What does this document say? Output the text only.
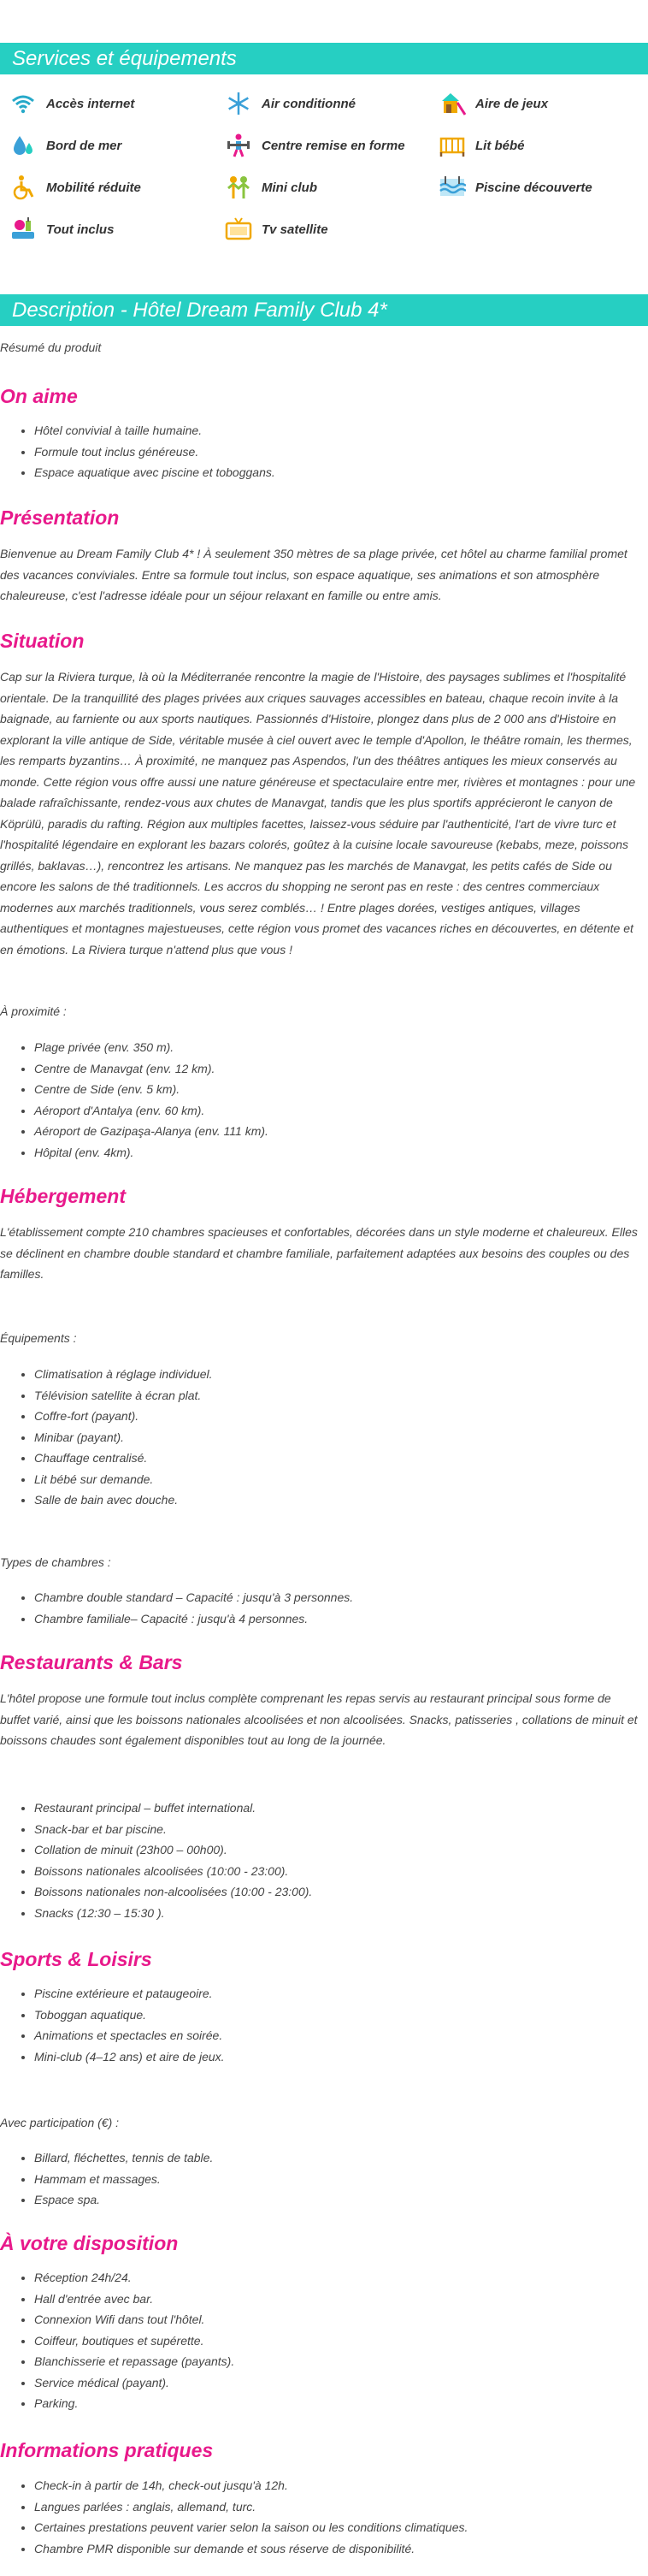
Services et équipements
Accès internet	Air conditionné	Aire de jeux
Bord de mer	Centre remise en forme	Lit bébé
Mobilité réduite	Mini club	Piscine découverte
Tout inclus	Tv satellite
Description - Hôtel Dream Family Club 4*
Résumé du produit
On aime
• Hôtel convivial à taille humaine.
• Formule tout inclus généreuse.
• Espace aquatique avec piscine et toboggans.
Présentation

Bienvenue au Dream Family Club 4* ! À seulement 350 mètres de sa plage privée, cet hôtel au charme familial promet des vacances conviviales. Entre sa formule tout inclus, son espace aquatique, ses animations et son atmosphère chaleureuse, c'est l'adresse idéale pour un séjour relaxant en famille ou entre amis.

Situation

Cap sur la Riviera turque, là où la Méditerranée rencontre la magie de l'Histoire, des paysages sublimes et l'hospitalité orientale. De la tranquillité des plages privées aux criques sauvages accessibles en bateau, chaque recoin invite à la baignade, au farniente ou aux sports nautiques. Passionnés d'Histoire, plongez dans plus de 2 000 ans d'Histoire en explorant la ville antique de Side, véritable musée à ciel ouvert avec le temple d'Apollon, le théâtre romain, les thermes, les remparts byzantins… À proximité, ne manquez pas Aspendos, l'un des théâtres antiques les mieux conservés au monde. Cette région vous offre aussi une nature généreuse et spectaculaire entre mer, rivières et montagnes : pour une balade rafraîchissante, rendez-vous aux chutes de Manavgat, tandis que les plus sportifs apprécieront le canyon de Köprülü, paradis du rafting. Région aux multiples facettes, laissez-vous séduire par l'authenticité, l'art de vivre turc et l'hospitalité légendaire en explorant les bazars colorés, goûtez à la cuisine locale savoureuse (kebabs, meze, poissons grillés, baklavas…), rencontrez les artisans. Ne manquez pas les marchés de Manavgat, les petits cafés de Side ou encore les salons de thé traditionnels. Les accros du shopping ne seront pas en reste : des centres commerciaux modernes aux marchés traditionnels, vous serez comblés… ! Entre plages dorées, vestiges antiques, villages authentiques et montagnes majestueuses, cette région vous promet des vacances riches en découvertes, en détente et en émotions. La Riviera turque n'attend plus que vous !

À proximité :
• Plage privée (env. 350 m).
• Centre de Manavgat (env. 12 km).
• Centre de Side (env. 5 km).
• Aéroport d'Antalya (env. 60 km).
• Aéroport de Gazipaşa-Alanya (env. 111 km).
• Hôpital (env. 4km).
Hébergement

L'établissement compte 210 chambres spacieuses et confortables, décorées dans un style moderne et chaleureux. Elles se déclinent en chambre double standard et chambre familiale, parfaitement adaptées aux besoins des couples ou des familles.

Équipements :
• Climatisation à réglage individuel.
• Télévision satellite à écran plat.
• Coffre-fort (payant).
• Minibar (payant).
• Chauffage centralisé.
• Lit bébé sur demande.
• Salle de bain avec douche.
Types de chambres :
• Chambre double standard – Capacité : jusqu'à 3 personnes.
• Chambre familiale– Capacité : jusqu'à 4 personnes.
Restaurants & Bars

L'hôtel propose une formule tout inclus complète comprenant les repas servis au restaurant principal sous forme de buffet varié, ainsi que les boissons nationales alcoolisées et non alcoolisées. Snacks, patisseries , collations de minuit et boissons chaudes sont également disponibles tout au long de la journée.

• Restaurant principal – buffet international.
• Snack-bar et bar piscine.
• Collation de minuit (23h00 – 00h00).
• Boissons nationales alcoolisées (10:00 - 23:00).
• Boissons nationales non-alcoolisées (10:00 - 23:00).
• Snacks (12:30 – 15:30 ).
Sports & Loisirs
• Piscine extérieure et pataugeoire.
• Toboggan aquatique.
• Animations et spectacles en soirée.
• Mini-club (4–12 ans) et aire de jeux.
Avec participation (€) :
• Billard, fléchettes, tennis de table.
• Hammam et massages.
• Espace spa.
À votre disposition
• Réception 24h/24.
• Hall d'entrée avec bar.
• Connexion Wifi dans tout l'hôtel.
• Coiffeur, boutiques et supérette.
• Blanchisserie et repassage (payants).
• Service médical (payant).
• Parking.
Informations pratiques
• Check-in à partir de 14h, check-out jusqu'à 12h.
• Langues parlées : anglais, allemand, turc.
• Certaines prestations peuvent varier selon la saison ou les conditions climatiques.
• Chambre PMR disponible sur demande et sous réserve de disponibilité.
